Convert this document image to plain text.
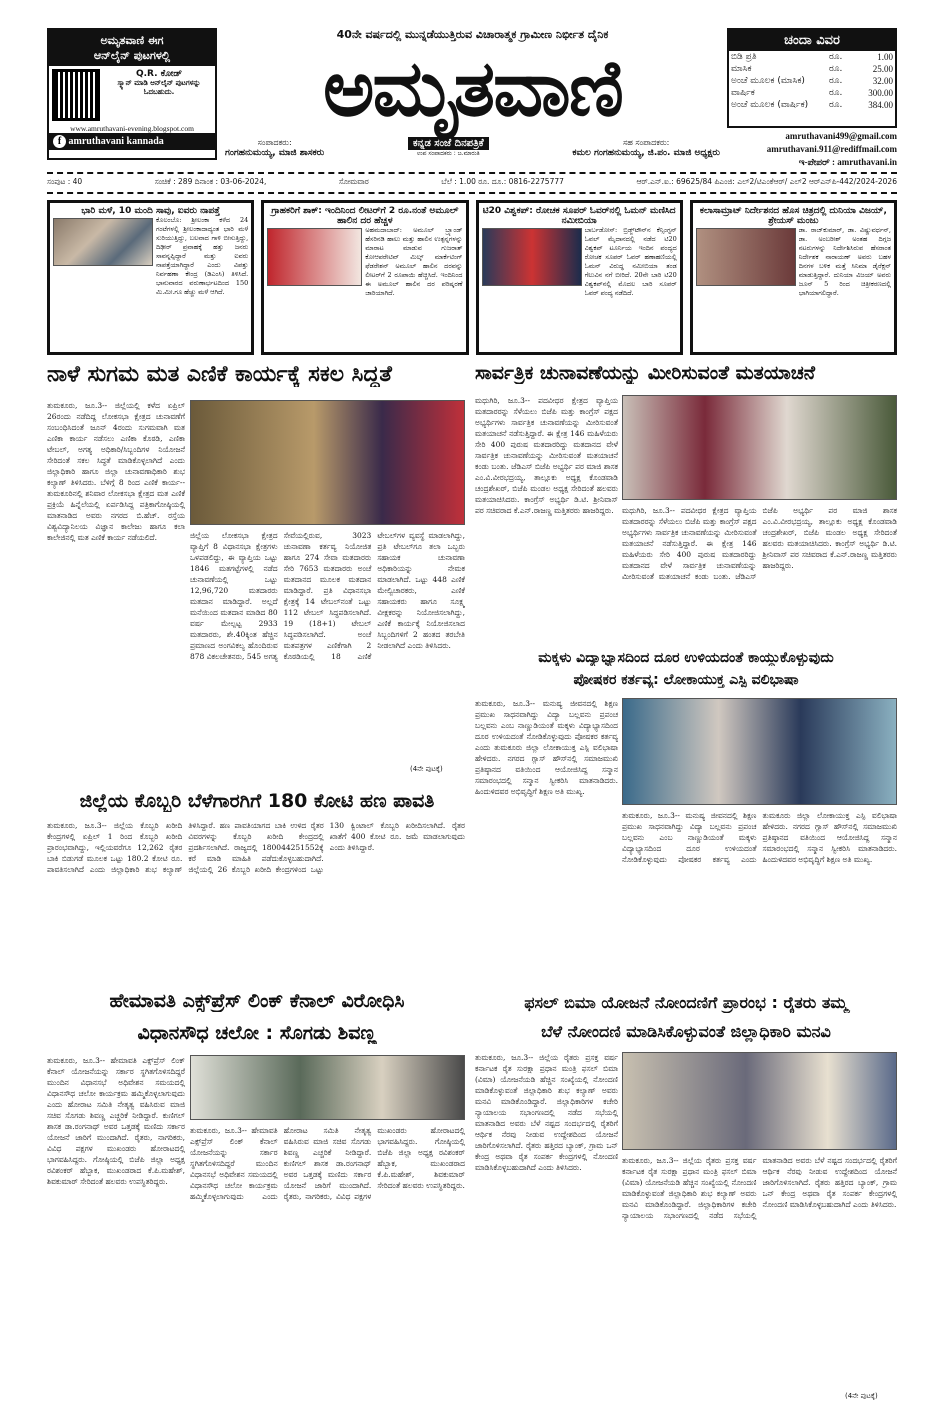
ಅಮೃತವಾಣಿ ಈಗ
ಆನ್‌ಲೈನ್ ಪುಟಗಳಲ್ಲಿ
Q.R. ಕೋಡ್
ಸ್ಕ್ಯಾನ್ ಮಾಡಿ ಆನ್‌ಲೈನ್ ಪುಟಗಳನ್ನು ಓದಬಹುದು.
www.amruthavani-evening.blogspot.com
f amruthavani kannada
40ನೇ ವರ್ಷದಲ್ಲಿ ಮುನ್ನಡೆಯುತ್ತಿರುವ ವಿಚಾರಾತ್ಮಕ ಗ್ರಾಮೀಣ ನಿರ್ಭೀತ ದೈನಿಕ
ಅಮೃತವಾಣಿ
ಸಂಪಾದಕರು:
ಗಂಗಹನುಮಯ್ಯ, ಮಾಜಿ ಶಾಸಕರು
ಕನ್ನಡ ಸಂಜೆ ದಿನಪತ್ರಿಕೆ
ಉಪ ಸಂಪಾದಕರು : ಜ.ಮಾರುತಿ
ಸಹ ಸಂಪಾದಕರು:
ಕಮಲ ಗಂಗಹನುಮಯ್ಯ, ಜಿ.ಪಂ. ಮಾಜಿ ಅಧ್ಯಕ್ಷರು
ಚಂದಾ ವಿವರ
ಬಿಡಿ ಪ್ರತಿ	ರೂ.	1.00
ಮಾಸಿಕ	ರೂ.	25.00
ಅಂಚೆ ಮೂಲಕ (ಮಾಸಿಕ)	ರೂ.	32.00
ವಾರ್ಷಿಕ	ರೂ.	300.00
ಅಂಚೆ ಮೂಲಕ (ವಾರ್ಷಿಕ)	ರೂ.	384.00
amruthavani499@gmail.com
amruthavani.911@rediffmail.com
ಇ-ಪೇಪರ್ : amruthavani.in
ಸಂಪುಟ : 40	ಸಂಚಿಕೆ : 289 ದಿನಾಂಕ : 03-06-2024,	ಸೋಮವಾರ	ಬೆಲೆ : 1.00 ರೂ. ದೂ.: 0816-2275777	ಆರ್.ಎನ್.ಐ.: 69625/84 ಪಿಎಂಜಿ: ಎಲ್2/ಟಿಎಂಕೆಆರ್/ ಎಲ್2 ಆರ್‌ಎನ್‌ಪಿ-442/2024-2026
ಭಾರಿ ಮಳೆ, 10 ಮಂದಿ ಸಾವು, ಐವರು ನಾಪತ್ತೆ
ಕೊಲಂಬೊ: ಶ್ರೀಲಂಕಾ ಕಳೆದ 24 ಗಂಟೆಗಳಲ್ಲಿ ಶ್ರೀಲಂಕಾದಾದ್ಯಂತ ಭಾರಿ ಮಳೆ ಸುರಿಯುತ್ತಿದ್ದು, ಬಲವಾದ ಗಾಳಿ ಬೀಸುತ್ತಿದ್ದು, ದಿಢೀರ್ ಪ್ರವಾಹಕ್ಕೆ ಹತ್ತು ಜನರು ಸಾವನ್ನಪ್ಪಿದ್ದಾರೆ ಮತ್ತು ಐವರು ನಾಪತ್ತೆಯಾಗಿದ್ದಾರೆ ಎಂದು ವಿಪತ್ತು ನಿರ್ವಹಣಾ ಕೇಂದ್ರ (ಡಿಎಂಸಿ) ತಿಳಿಸಿದೆ. ಭಾನುವಾರದ ವರುಣಾರ್ಭಟದಿಂದ 150 ಮಿ.ಮೀ.ಗೂ ಹೆಚ್ಚು ಮಳೆ ಆಗಿದೆ.
ಗ್ರಾಹಕರಿಗೆ ಶಾಕ್: ಇಂದಿನಿಂದ ಲೀಟರ್‌ಗೆ 2 ರೂ.ನಂತೆ ಅಮೂಲ್ ಹಾಲಿನ ದರ ಹೆಚ್ಚಳ
ಅಹಮದಾಬಾದ್: ಅಮೂಲ್ ಬ್ರ್ಯಾಂಡ್ ಹೆಸರಿನಡಿ ಹಾಲು ಮತ್ತು ಹಾಲಿನ ಉತ್ಪನ್ನಗಳನ್ನು ಮಾರಾಟ ಮಾಡುವ ಗುಜರಾತ್ ಕೋಆಪರೇಟಿವ್ ಮಿಲ್ಕ್ ಮಾರ್ಕೆಟಿಂಗ್ ಫೆಡರೇಶನ್ ಅಮೂಲ್ ಹಾಲಿನ ದರವನ್ನು ಲೀಟರ್‌ಗೆ 2 ರೂಪಾಯಿ ಹೆಚ್ಚಿಸಿದೆ. ಇಂದಿನಿಂದ ಈ ಅಮೂಲ್ ಹಾಲಿನ ದರ ಪರಿಷ್ಕರಣೆ ಜಾರಿಯಾಗಿದೆ.
ಟಿ20 ವಿಶ್ವಕಪ್: ರೋಚಕ ಸೂಪರ್ ಓವರ್‌ನಲ್ಲಿ ಓಮನ್ ಮಣಿಸಿದ ನಮೀಬಿಯಾ
ಬಾರ್ಬಡೋಸ್: ಬ್ರಿಡ್ಜ್‌ಟೌನ್‌ನ ಕೆನ್ಸಿಂಗ್ಟನ್ ಓವಲ್ ಮೈದಾನದಲ್ಲಿ ನಡೆದ ಟಿ20 ವಿಶ್ವಕಪ್ ಟೂರ್ನಿಯ ಇಂದಿನ ಪಂದ್ಯದ ರೋಚಕ ಸೂಪರ್ ಓವರ್ ಹಣಾಹಣಿಯಲ್ಲಿ ಓಮನ್ ವಿರುದ್ಧ ನಮೀಬಿಯಾ ತಂಡ ಗೆಲುವಿನ ನಗೆ ಬೀರಿದೆ. 20ನೇ ಬಾರಿ ಟಿ20 ವಿಶ್ವಕಪ್‌ನಲ್ಲಿ ಮೊದಲ ಬಾರಿ ಸೂಪರ್ ಓವರ್ ಪಂದ್ಯ ನಡೆದಿದೆ.
ಕಲಾಸಾಮ್ರಾಟ್ ನಿರ್ದೇಶನದ ಹೊಸ ಚಿತ್ರದಲ್ಲಿ ದುನಿಯಾ ವಿಜಯ್, ಶ್ರೇಯಸ್ ಮಂಜು
ಡಾ. ರಾಜ್‌ಕುಮಾರ್, ಡಾ. ವಿಷ್ಣುವರ್ಧನ್, ಡಾ. ಅಂಬರೀಶ್ ಅಂತಹ ದಿಗ್ಗಜ ನಟರುಗಳನ್ನು ನಿರ್ದೇಶಿಸಿರುವ ಹೆಸರಾಂತ ನಿರ್ದೇಶಕ ನಾರಾಯಣ್ ಅವರು ಬಹಳ ದಿನಗಳ ಬಳಿಕ ಮತ್ತೆ ಸಿನಿಮಾ ಡೈರೆಕ್ಷನ್ ಮಾಡುತ್ತಿದ್ದಾರೆ. ದುನಿಯಾ ವಿಜಯ್ ಅವರು ಜೂನ್ 5 ರಿಂದ ಚಿತ್ರೀಕರಣದಲ್ಲಿ ಭಾಗಿಯಾಗಲಿದ್ದಾರೆ.
ನಾಳೆ ಸುಗಮ ಮತ ಎಣಿಕೆ ಕಾರ್ಯಕ್ಕೆ ಸಕಲ ಸಿದ್ಧತೆ
ತುಮಕೂರು, ಜೂ.3-- ಜಿಲ್ಲೆಯಲ್ಲಿ ಕಳೆದ ಏಪ್ರಿಲ್ 26ರಂದು ನಡೆದಿದ್ದ ಲೋಕಸಭಾ ಕ್ಷೇತ್ರದ ಚುನಾವಣೆಗೆ ಸಂಬಂಧಿಸಿದಂತೆ ಜೂನ್ 4ರಂದು ಸುಗಮವಾಗಿ ಮತ ಎಣಿಕಾ ಕಾರ್ಯ ನಡೆಸಲು ಎಣಿಕಾ ಕೊಠಡಿ, ಎಣಿಕಾ ಟೇಬಲ್, ಅಗತ್ಯ ಅಧಿಕಾರಿ/ಸಿಬ್ಬಂದಿಗಳ ನಿಯೋಜನೆ ಸೇರಿದಂತೆ ಸಕಲ ಸಿದ್ಧತೆ ಮಾಡಿಕೊಳ್ಳಲಾಗಿದೆ ಎಂದು ಜಿಲ್ಲಾಧಿಕಾರಿ ಹಾಗೂ ಜಿಲ್ಲಾ ಚುನಾವಣಾಧಿಕಾರಿ ಶುಭ ಕಲ್ಯಾಣ್ ತಿಳಿಸಿದರು. ಬೆಳಿಗ್ಗೆ 8 ರಿಂದ ಎಣಿಕೆ ಕಾರ್ಯ-- ತುಮಕೂರಿನಲ್ಲಿ ಶನಿವಾರ ಲೋಕಸಭಾ ಕ್ಷೇತ್ರದ ಮತ ಎಣಿಕೆ ಪ್ರಕ್ರಿಯೆ ಹಿನ್ನೆಲೆಯಲ್ಲಿ ಏರ್ಪಡಿಸಿದ್ದ ಪತ್ರಿಕಾಗೋಷ್ಠಿಯಲ್ಲಿ ಮಾತನಾಡಿದ ಅವರು ನಗರದ ಬಿ.ಹೆಚ್. ರಸ್ತೆಯ ವಿಶ್ವವಿದ್ಯಾನಿಲಯ ವಿಜ್ಞಾನ ಕಾಲೇಜು ಹಾಗೂ ಕಲಾ ಕಾಲೇಜಿನಲ್ಲಿ ಮತ ಎಣಿಕೆ ಕಾರ್ಯ ನಡೆಯಲಿದೆ.	ಜಿಲ್ಲೆಯ ಲೋಕಸಭಾ ಕ್ಷೇತ್ರದ ವ್ಯಾಪ್ತಿಗೆ 8 ವಿಧಾನಸಭಾ ಕ್ಷೇತ್ರಗಳು ಒಳಪಡಲಿದ್ದು, ಈ ವ್ಯಾಪ್ತಿಯ ಒಟ್ಟು 1846 ಮತಗಟ್ಟೆಗಳಲ್ಲಿ ನಡೆದ ಚುನಾವಣೆಯಲ್ಲಿ ಒಟ್ಟು 12,96,720 ಮತದಾರರು ಮತದಾನ ಮಾಡಿದ್ದಾರೆ. ಅಲ್ಲದೆ ಮನೆಯಿಂದ ಮತದಾನ ಮಾಡಿದ 80 ವರ್ಷ ಮೇಲ್ಪಟ್ಟ 2933 ಮತದಾರರು, ಶೇ.40ಕ್ಕಿಂತ ಹೆಚ್ಚಿನ ಪ್ರಮಾಣದ ಅಂಗವಿಕಲ್ಯ ಹೊಂದಿರುವ 878 ವಿಕಲಚೇತನರು, 545 ಅಗತ್ಯ ಸೇವೆಯಲ್ಲಿರುವ, 3023 ಚುನಾವಣಾ ಕರ್ತವ್ಯ ನಿಯೋಜಿತ ಹಾಗೂ 274 ಸೇವಾ ಮತದಾರರು ಸೇರಿ 7653 ಮತದಾರರು ಅಂಚೆ ಮತದಾನದ ಮೂಲಕ ಮತದಾನ ಮಾಡಿದ್ದಾರೆ. ಪ್ರತಿ ವಿಧಾನಸಭಾ ಕ್ಷೇತ್ರಕ್ಕೆ 14 ಟೇಬಲ್‌ನಂತೆ ಒಟ್ಟು 112 ಟೇಬಲ್ ಸಿದ್ಧಪಡಿಸಲಾಗಿದೆ. 19 (18+1) ಟೇಬಲ್ ಸಿದ್ಧಪಡಿಸಲಾಗಿದೆ. ಅಂಚೆ ಮತಪತ್ರಗಳ ಎಣಿಕೆಗಾಗಿ 2 ಕೊಠಡಿಯಲ್ಲಿ 18 ಎಣಿಕೆ ಟೇಬಲ್‌ಗಳ ವ್ಯವಸ್ಥೆ ಮಾಡಲಾಗಿದ್ದು, ಪ್ರತಿ ಟೇಬಲ್‌ಗೂ ತಲಾ ಒಬ್ಬರು ಸಹಾಯಕ ಚುನಾವಣಾ ಅಧಿಕಾರಿಯನ್ನು ನೇಮಕ ಮಾಡಲಾಗಿದೆ. ಒಟ್ಟು 448 ಎಣಿಕೆ ಮೇಲ್ವಿಚಾರಕರು, ಎಣಿಕೆ ಸಹಾಯಕರು ಹಾಗೂ ಸೂಕ್ಷ್ಮ ವೀಕ್ಷಕರನ್ನು ನಿಯೋಜಿಸಲಾಗಿದ್ದು, ಎಣಿಕೆ ಕಾರ್ಯಕ್ಕೆ ನಿಯೋಜಿಸಲಾದ ಸಿಬ್ಬಂದಿಗಳಿಗೆ 2 ಹಂತದ ತರಬೇತಿ ನೀಡಲಾಗಿದೆ ಎಂದು ತಿಳಿಸಿದರು.
(4ನೇ ಪುಟಕ್ಕೆ)
ಸಾರ್ವತ್ರಿಕ ಚುನಾವಣೆಯನ್ನು ಮೀರಿಸುವಂತೆ ಮತಯಾಚನೆ
ಮಧುಗಿರಿ, ಜೂ.3-- ಪದವೀಧರ ಕ್ಷೇತ್ರದ ವ್ಯಾಪ್ತಿಯ ಮತದಾರರನ್ನು ಸೆಳೆಯಲು ಬಿಜೆಪಿ ಮತ್ತು ಕಾಂಗ್ರೆಸ್ ಪಕ್ಷದ ಅಭ್ಯರ್ಥಿಗಳು ಸಾರ್ವತ್ರಿಕ ಚುನಾವಣೆಯನ್ನು ಮೀರಿಸುವಂತೆ ಮತಯಾಚನೆ ನಡೆಸುತ್ತಿದ್ದಾರೆ. ಈ ಕ್ಷೇತ್ರ 146 ಮಹಿಳೆಯರು ಸೇರಿ 400 ಪುರುಷ ಮತದಾರರಿದ್ದು ಮತದಾನದ ವೇಳೆ ಸಾರ್ವತ್ರಿಕ ಚುನಾವಣೆಯನ್ನು ಮೀರಿಸುವಂತೆ ಮತಯಾಚನೆ ಕಂಡು ಬಂತು. ಜೆಡಿಎಸ್ ಬಿಜೆಪಿ ಅಭ್ಯರ್ಥಿ ಪರ ಮಾಜಿ ಶಾಸಕ ಎಂ.ವಿ.ವೀರಭದ್ರಯ್ಯ, ತಾಲ್ಲೂಕು ಅಧ್ಯಕ್ಷ ಕೊಂಡವಾಡಿ ಚಂದ್ರಶೇಖರ್, ಬಿಜೆಪಿ ಮಂಡಲ ಅಧ್ಯಕ್ಷ ಸೇರಿದಂತೆ ಹಲವರು ಮತಯಾಚಿಸಿದರು. ಕಾಂಗ್ರೆಸ್ ಅಭ್ಯರ್ಥಿ ಡಿ.ಟಿ. ಶ್ರೀನಿವಾಸ್ ಪರ ಸಚಿವರಾದ ಕೆ.ಎನ್.ರಾಜಣ್ಣ ಮತ್ತಿತರರು ಹಾಜರಿದ್ದರು.	ಮಧುಗಿರಿ, ಜೂ.3-- ಪದವೀಧರ ಕ್ಷೇತ್ರದ ವ್ಯಾಪ್ತಿಯ ಮತದಾರರನ್ನು ಸೆಳೆಯಲು ಬಿಜೆಪಿ ಮತ್ತು ಕಾಂಗ್ರೆಸ್ ಪಕ್ಷದ ಅಭ್ಯರ್ಥಿಗಳು ಸಾರ್ವತ್ರಿಕ ಚುನಾವಣೆಯನ್ನು ಮೀರಿಸುವಂತೆ ಮತಯಾಚನೆ ನಡೆಸುತ್ತಿದ್ದಾರೆ. ಈ ಕ್ಷೇತ್ರ 146 ಮಹಿಳೆಯರು ಸೇರಿ 400 ಪುರುಷ ಮತದಾರರಿದ್ದು ಮತದಾನದ ವೇಳೆ ಸಾರ್ವತ್ರಿಕ ಚುನಾವಣೆಯನ್ನು ಮೀರಿಸುವಂತೆ ಮತಯಾಚನೆ ಕಂಡು ಬಂತು. ಜೆಡಿಎಸ್ ಬಿಜೆಪಿ ಅಭ್ಯರ್ಥಿ ಪರ ಮಾಜಿ ಶಾಸಕ ಎಂ.ವಿ.ವೀರಭದ್ರಯ್ಯ, ತಾಲ್ಲೂಕು ಅಧ್ಯಕ್ಷ ಕೊಂಡವಾಡಿ ಚಂದ್ರಶೇಖರ್, ಬಿಜೆಪಿ ಮಂಡಲ ಅಧ್ಯಕ್ಷ ಸೇರಿದಂತೆ ಹಲವರು ಮತಯಾಚಿಸಿದರು. ಕಾಂಗ್ರೆಸ್ ಅಭ್ಯರ್ಥಿ ಡಿ.ಟಿ. ಶ್ರೀನಿವಾಸ್ ಪರ ಸಚಿವರಾದ ಕೆ.ಎನ್.ರಾಜಣ್ಣ ಮತ್ತಿತರರು ಹಾಜರಿದ್ದರು.
ಮಕ್ಕಳು ವಿದ್ಯಾಭ್ಯಾಸದಿಂದ ದೂರ ಉಳಿಯದಂತೆ ಕಾಯ್ದುಕೊಳ್ಳುವುದು
ಪೋಷಕರ ಕರ್ತವ್ಯ: ಲೋಕಾಯುಕ್ತ ಎಸ್ಪಿ ವಲಿಭಾಷಾ
ತುಮಕೂರು, ಜೂ.3-- ಮನುಷ್ಯ ಜೀವನದಲ್ಲಿ ಶಿಕ್ಷಣ ಪ್ರಮುಖ ಸಾಧನವಾಗಿದ್ದು ವಿದ್ಯಾ ಬಲ್ಲವನು ಪ್ರಪಂಚ ಬಲ್ಲವನು ಎಂಬ ನಾಣ್ಣುಡಿಯಂತೆ ಮಕ್ಕಳು ವಿದ್ಯಾಭ್ಯಾಸದಿಂದ ದೂರ ಉಳಿಯದಂತೆ ನೋಡಿಕೊಳ್ಳುವುದು ಪೋಷಕರ ಕರ್ತವ್ಯ ಎಂದು ತುಮಕೂರು ಜಿಲ್ಲಾ ಲೋಕಾಯುಕ್ತ ಎಸ್ಪಿ ವಲಿಭಾಷಾ ಹೇಳಿದರು. ನಗರದ ಗ್ಲಾಸ್ ಹೌಸ್‌ನಲ್ಲಿ ಸಮಾಜಮುಖಿ ಪ್ರತಿಷ್ಠಾನದ ವತಿಯಿಂದ ಆಯೋಜಿಸಿದ್ದ ಸನ್ಮಾನ ಸಮಾರಂಭದಲ್ಲಿ ಸನ್ಮಾನ ಸ್ವೀಕರಿಸಿ ಮಾತನಾಡಿದರು. ಹಿಂದುಳಿದವರ ಅಭಿವೃದ್ಧಿಗೆ ಶಿಕ್ಷಣ ಅತಿ ಮುಖ್ಯ.
ತುಮಕೂರು, ಜೂ.3-- ಮನುಷ್ಯ ಜೀವನದಲ್ಲಿ ಶಿಕ್ಷಣ ಪ್ರಮುಖ ಸಾಧನವಾಗಿದ್ದು ವಿದ್ಯಾ ಬಲ್ಲವನು ಪ್ರಪಂಚ ಬಲ್ಲವನು ಎಂಬ ನಾಣ್ಣುಡಿಯಂತೆ ಮಕ್ಕಳು ವಿದ್ಯಾಭ್ಯಾಸದಿಂದ ದೂರ ಉಳಿಯದಂತೆ ನೋಡಿಕೊಳ್ಳುವುದು ಪೋಷಕರ ಕರ್ತವ್ಯ ಎಂದು ತುಮಕೂರು ಜಿಲ್ಲಾ ಲೋಕಾಯುಕ್ತ ಎಸ್ಪಿ ವಲಿಭಾಷಾ ಹೇಳಿದರು. ನಗರದ ಗ್ಲಾಸ್ ಹೌಸ್‌ನಲ್ಲಿ ಸಮಾಜಮುಖಿ ಪ್ರತಿಷ್ಠಾನದ ವತಿಯಿಂದ ಆಯೋಜಿಸಿದ್ದ ಸನ್ಮಾನ ಸಮಾರಂಭದಲ್ಲಿ ಸನ್ಮಾನ ಸ್ವೀಕರಿಸಿ ಮಾತನಾಡಿದರು. ಹಿಂದುಳಿದವರ ಅಭಿವೃದ್ಧಿಗೆ ಶಿಕ್ಷಣ ಅತಿ ಮುಖ್ಯ.
ಜಿಲ್ಲೆಯ ಕೊಬ್ಬರಿ ಬೆಳೆಗಾರಗಿಗೆ 180 ಕೋಟಿ ಹಣ ಪಾವತಿ
ತುಮಕೂರು, ಜೂ.3-- ಜಿಲ್ಲೆಯ ಕೊಬ್ಬರಿ ಖರೀದಿ ಕೇಂದ್ರಗಳಲ್ಲಿ ಏಪ್ರಿಲ್ 1 ರಿಂದ ಕೊಬ್ಬರಿ ಖರೀದಿ ಪ್ರಾರಂಭವಾಗಿದ್ದು, ಇಲ್ಲಿಯವರೆಗೂ 12,262 ರೈತರ ಬಾಕಿ ಬಿಡುಗಡೆ ಮೂಲಕ ಒಟ್ಟು 180.2 ಕೋಟಿ ರೂ. ಪಾವತಿಸಲಾಗಿದೆ ಎಂದು ಜಿಲ್ಲಾಧಿಕಾರಿ ಶುಭ ಕಲ್ಯಾಣ್ ತಿಳಿಸಿದ್ದಾರೆ. ಹಣ ಪಾವತಿಯಾಗದ ಬಾಕಿ ಉಳಿದ ರೈತರ ವಿವರಗಳನ್ನು ಕೊಬ್ಬರಿ ಖರೀದಿ ಕೇಂದ್ರದಲ್ಲಿ ಪ್ರದರ್ಶಿಸಲಾಗಿದೆ. ರಾಜ್ಯದಲ್ಲಿ 180044251552ಕ್ಕೆ ಕರೆ ಮಾಡಿ ಮಾಹಿತಿ ಪಡೆದುಕೊಳ್ಳಬಹುದಾಗಿದೆ. ಜಿಲ್ಲೆಯಲ್ಲಿ 26 ಕೊಬ್ಬರಿ ಖರೀದಿ ಕೇಂದ್ರಗಳಿಂದ ಒಟ್ಟು 130 ಕ್ವಿಂಟಾಲ್ ಕೊಬ್ಬರಿ ಖರೀದಿಸಲಾಗಿದೆ. ರೈತರ ಖಾತೆಗೆ 400 ಕೋಟಿ ರೂ. ಜಮೆ ಮಾಡಲಾಗುವುದು ಎಂದು ತಿಳಿಸಿದ್ದಾರೆ.
ಹೇಮಾವತಿ ಎಕ್ಸ್‌ಪ್ರೆಸ್ ಲಿಂಕ್ ಕೆನಾಲ್ ವಿರೋಧಿಸಿ
ವಿಧಾನಸೌಧ ಚಲೋ : ಸೊಗಡು ಶಿವಣ್ಣ
ತುಮಕೂರು, ಜೂ.3-- ಹೇಮಾವತಿ ಎಕ್ಸ್‌ಪ್ರೆಸ್ ಲಿಂಕ್ ಕೆನಾಲ್ ಯೋಜನೆಯನ್ನು ಸರ್ಕಾರ ಸ್ಥಗಿತಗೊಳಿಸದಿದ್ದರೆ ಮುಂದಿನ ವಿಧಾನಸಭೆ ಅಧಿವೇಶನ ಸಮಯದಲ್ಲಿ ವಿಧಾನಸೌಧ ಚಲೋ ಕಾರ್ಯಕ್ರಮ ಹಮ್ಮಿಕೊಳ್ಳಲಾಗುವುದು ಎಂದು ಹೋರಾಟ ಸಮಿತಿ ನೇತೃತ್ವ ವಹಿಸಿರುವ ಮಾಜಿ ಸಚಿವ ಸೊಗಡು ಶಿವಣ್ಣ ಎಚ್ಚರಿಕೆ ನೀಡಿದ್ದಾರೆ. ಕುಣಿಗಲ್ ಶಾಸಕ ಡಾ.ರಂಗನಾಥ್ ಅವರ ಒತ್ತಡಕ್ಕೆ ಮಣಿದು ಸರ್ಕಾರ ಯೋಜನೆ ಜಾರಿಗೆ ಮುಂದಾಗಿದೆ. ರೈತರು, ನಾಗರಿಕರು, ವಿವಿಧ ಪಕ್ಷಗಳ ಮುಖಂಡರು ಹೋರಾಟದಲ್ಲಿ ಭಾಗವಹಿಸಿದ್ದರು. ಗೋಷ್ಠಿಯಲ್ಲಿ ಬಿಜೆಪಿ ಜಿಲ್ಲಾ ಅಧ್ಯಕ್ಷ ರವಿಶಂಕರ್ ಹೆಬ್ಬಾಕ, ಮುಖಂಡರಾದ ಕೆ.ಪಿ.ಮಹೇಶ್, ಶಿವಕುಮಾರ್ ಸೇರಿದಂತೆ ಹಲವರು ಉಪಸ್ಥಿತರಿದ್ದರು.
ತುಮಕೂರು, ಜೂ.3-- ಹೇಮಾವತಿ ಎಕ್ಸ್‌ಪ್ರೆಸ್ ಲಿಂಕ್ ಕೆನಾಲ್ ಯೋಜನೆಯನ್ನು ಸರ್ಕಾರ ಸ್ಥಗಿತಗೊಳಿಸದಿದ್ದರೆ ಮುಂದಿನ ವಿಧಾನಸಭೆ ಅಧಿವೇಶನ ಸಮಯದಲ್ಲಿ ವಿಧಾನಸೌಧ ಚಲೋ ಕಾರ್ಯಕ್ರಮ ಹಮ್ಮಿಕೊಳ್ಳಲಾಗುವುದು ಎಂದು ಹೋರಾಟ ಸಮಿತಿ ನೇತೃತ್ವ ವಹಿಸಿರುವ ಮಾಜಿ ಸಚಿವ ಸೊಗಡು ಶಿವಣ್ಣ ಎಚ್ಚರಿಕೆ ನೀಡಿದ್ದಾರೆ. ಕುಣಿಗಲ್ ಶಾಸಕ ಡಾ.ರಂಗನಾಥ್ ಅವರ ಒತ್ತಡಕ್ಕೆ ಮಣಿದು ಸರ್ಕಾರ ಯೋಜನೆ ಜಾರಿಗೆ ಮುಂದಾಗಿದೆ. ರೈತರು, ನಾಗರಿಕರು, ವಿವಿಧ ಪಕ್ಷಗಳ ಮುಖಂಡರು ಹೋರಾಟದಲ್ಲಿ ಭಾಗವಹಿಸಿದ್ದರು. ಗೋಷ್ಠಿಯಲ್ಲಿ ಬಿಜೆಪಿ ಜಿಲ್ಲಾ ಅಧ್ಯಕ್ಷ ರವಿಶಂಕರ್ ಹೆಬ್ಬಾಕ, ಮುಖಂಡರಾದ ಕೆ.ಪಿ.ಮಹೇಶ್, ಶಿವಕುಮಾರ್ ಸೇರಿದಂತೆ ಹಲವರು ಉಪಸ್ಥಿತರಿದ್ದರು.
ಫಸಲ್ ಬಿಮಾ ಯೋಜನೆ ನೋಂದಣಿಗೆ ಪ್ರಾರಂಭ : ರೈತರು ತಮ್ಮ
ಬೆಳೆ ನೋಂದಣಿ ಮಾಡಿಸಿಕೊಳ್ಳುವಂತೆ ಜಿಲ್ಲಾಧಿಕಾರಿ ಮನವಿ
ತುಮಕೂರು, ಜೂ.3-- ಜಿಲ್ಲೆಯ ರೈತರು ಪ್ರಸಕ್ತ ವರ್ಷ ಕರ್ನಾಟಕ ರೈತ ಸುರಕ್ಷಾ ಪ್ರಧಾನ ಮಂತ್ರಿ ಫಸಲ್ ಬಿಮಾ (ವಿಮಾ) ಯೋಜನೆಯಡಿ ಹೆಚ್ಚಿನ ಸಂಖ್ಯೆಯಲ್ಲಿ ನೋಂದಣಿ ಮಾಡಿಕೊಳ್ಳುವಂತೆ ಜಿಲ್ಲಾಧಿಕಾರಿ ಶುಭ ಕಲ್ಯಾಣ್ ಅವರು ಮನವಿ ಮಾಡಿಕೊಂಡಿದ್ದಾರೆ. ಜಿಲ್ಲಾಧಿಕಾರಿಗಳ ಕಚೇರಿ ನ್ಯಾಯಾಲಯ ಸಭಾಂಗಣದಲ್ಲಿ ನಡೆದ ಸಭೆಯಲ್ಲಿ ಮಾತನಾಡಿದ ಅವರು ಬೆಳೆ ನಷ್ಟದ ಸಂದರ್ಭದಲ್ಲಿ ರೈತರಿಗೆ ಆರ್ಥಿಕ ನೆರವು ನೀಡುವ ಉದ್ದೇಶದಿಂದ ಯೋಜನೆ ಜಾರಿಗೊಳಿಸಲಾಗಿದೆ. ರೈತರು ಹತ್ತಿರದ ಬ್ಯಾಂಕ್, ಗ್ರಾಮ ಒನ್ ಕೇಂದ್ರ ಅಥವಾ ರೈತ ಸಂಪರ್ಕ ಕೇಂದ್ರಗಳಲ್ಲಿ ನೋಂದಣಿ ಮಾಡಿಸಿಕೊಳ್ಳಬಹುದಾಗಿದೆ ಎಂದು ತಿಳಿಸಿದರು.
ತುಮಕೂರು, ಜೂ.3-- ಜಿಲ್ಲೆಯ ರೈತರು ಪ್ರಸಕ್ತ ವರ್ಷ ಕರ್ನಾಟಕ ರೈತ ಸುರಕ್ಷಾ ಪ್ರಧಾನ ಮಂತ್ರಿ ಫಸಲ್ ಬಿಮಾ (ವಿಮಾ) ಯೋಜನೆಯಡಿ ಹೆಚ್ಚಿನ ಸಂಖ್ಯೆಯಲ್ಲಿ ನೋಂದಣಿ ಮಾಡಿಕೊಳ್ಳುವಂತೆ ಜಿಲ್ಲಾಧಿಕಾರಿ ಶುಭ ಕಲ್ಯಾಣ್ ಅವರು ಮನವಿ ಮಾಡಿಕೊಂಡಿದ್ದಾರೆ. ಜಿಲ್ಲಾಧಿಕಾರಿಗಳ ಕಚೇರಿ ನ್ಯಾಯಾಲಯ ಸಭಾಂಗಣದಲ್ಲಿ ನಡೆದ ಸಭೆಯಲ್ಲಿ ಮಾತನಾಡಿದ ಅವರು ಬೆಳೆ ನಷ್ಟದ ಸಂದರ್ಭದಲ್ಲಿ ರೈತರಿಗೆ ಆರ್ಥಿಕ ನೆರವು ನೀಡುವ ಉದ್ದೇಶದಿಂದ ಯೋಜನೆ ಜಾರಿಗೊಳಿಸಲಾಗಿದೆ. ರೈತರು ಹತ್ತಿರದ ಬ್ಯಾಂಕ್, ಗ್ರಾಮ ಒನ್ ಕೇಂದ್ರ ಅಥವಾ ರೈತ ಸಂಪರ್ಕ ಕೇಂದ್ರಗಳಲ್ಲಿ ನೋಂದಣಿ ಮಾಡಿಸಿಕೊಳ್ಳಬಹುದಾಗಿದೆ ಎಂದು ತಿಳಿಸಿದರು.
(4ನೇ ಪುಟಕ್ಕೆ)
